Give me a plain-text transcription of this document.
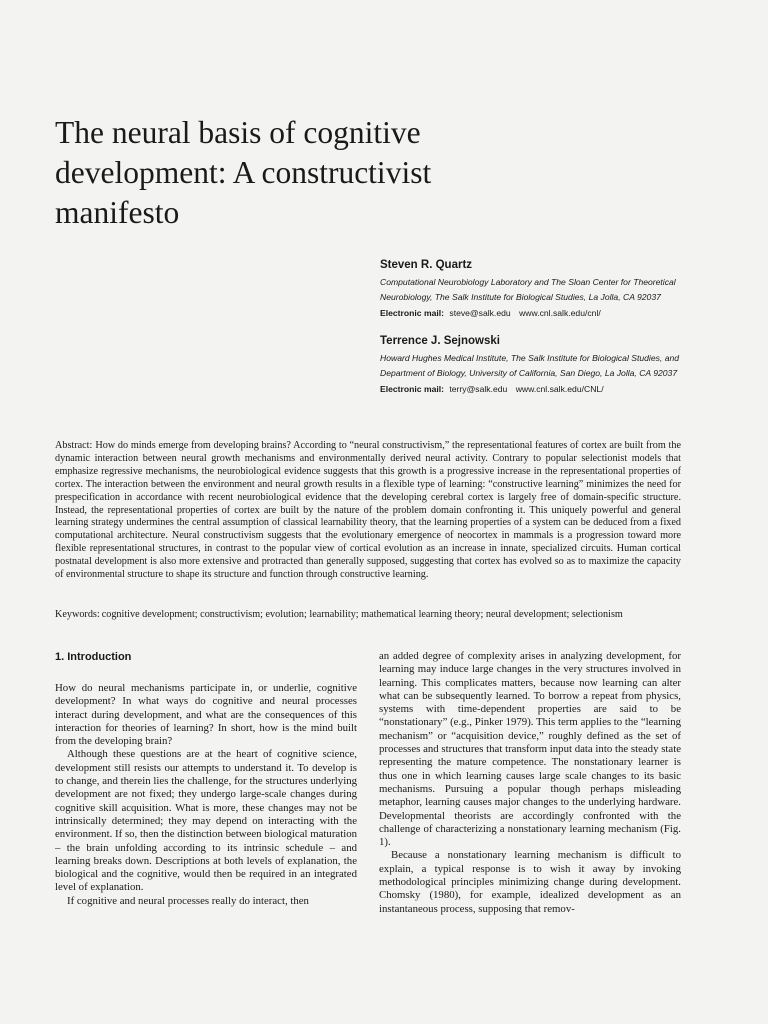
The neural basis of cognitive development: A constructivist manifesto

Steven R. Quartz

Computational Neurobiology Laboratory and The Sloan Center for Theoretical Neurobiology, The Salk Institute for Biological Studies, La Jolla, CA 92037

Electronic mail: steve@salk.edu www.cnl.salk.edu/cnl/

Terrence J. Sejnowski

Howard Hughes Medical Institute, The Salk Institute for Biological Studies, and Department of Biology, University of California, San Diego, La Jolla, CA 92037

Electronic mail: terry@salk.edu www.cnl.salk.edu/CNL/

Abstract: How do minds emerge from developing brains? According to “neural constructivism,” the representational features of cortex are built from the dynamic interaction between neural growth mechanisms and environmentally derived neural activity. Contrary to popular selectionist models that emphasize regressive mechanisms, the neurobiological evidence suggests that this growth is a progressive increase in the representational properties of cortex. The interaction between the environment and neural growth results in a flexible type of learning: “constructive learning” minimizes the need for prespecification in accordance with recent neurobiological evidence that the developing cerebral cortex is largely free of domain-specific structure. Instead, the representational properties of cortex are built by the nature of the problem domain confronting it. This uniquely powerful and general learning strategy undermines the central assumption of classical learnability theory, that the learning properties of a system can be deduced from a fixed computational architecture. Neural constructivism suggests that the evolutionary emergence of neocortex in mammals is a progression toward more flexible representational structures, in contrast to the popular view of cortical evolution as an increase in innate, specialized circuits. Human cortical postnatal development is also more extensive and protracted than generally supposed, suggesting that cortex has evolved so as to maximize the capacity of environmental structure to shape its structure and function through constructive learning.

Keywords: cognitive development; constructivism; evolution; learnability; mathematical learning theory; neural development; selectionism

1. Introduction

How do neural mechanisms participate in, or underlie, cognitive development? In what ways do cognitive and neural processes interact during development, and what are the consequences of this interaction for theories of learning? In short, how is the mind built from the developing brain?

Although these questions are at the heart of cognitive science, development still resists our attempts to understand it. To develop is to change, and therein lies the challenge, for the structures underlying development are not fixed; they undergo large-scale changes during cognitive skill acquisition. What is more, these changes may not be intrinsically determined; they may depend on interacting with the environment. If so, then the distinction between biological maturation – the brain unfolding according to its intrinsic schedule – and learning breaks down. Descriptions at both levels of explanation, the biological and the cognitive, would then be required in an integrated level of explanation.

If cognitive and neural processes really do interact, then

an added degree of complexity arises in analyzing development, for learning may induce large changes in the very structures involved in learning. This complicates matters, because now learning can alter what can be subsequently learned. To borrow a repeat from physics, systems with time-dependent properties are said to be “nonstationary” (e.g., Pinker 1979). This term applies to the “learning mechanism” or “acquisition device,” roughly defined as the set of processes and structures that transform input data into the steady state representing the mature competence. The nonstationary learner is thus one in which learning causes large scale changes to its basic mechanisms. Pursuing a popular though perhaps misleading metaphor, learning causes major changes to the underlying hardware. Developmental theorists are accordingly confronted with the challenge of characterizing a nonstationary learning mechanism (Fig. 1).

Because a nonstationary learning mechanism is difficult to explain, a typical response is to wish it away by invoking methodological principles minimizing change during development. Chomsky (1980), for example, idealized development as an instantaneous process, supposing that remov-
